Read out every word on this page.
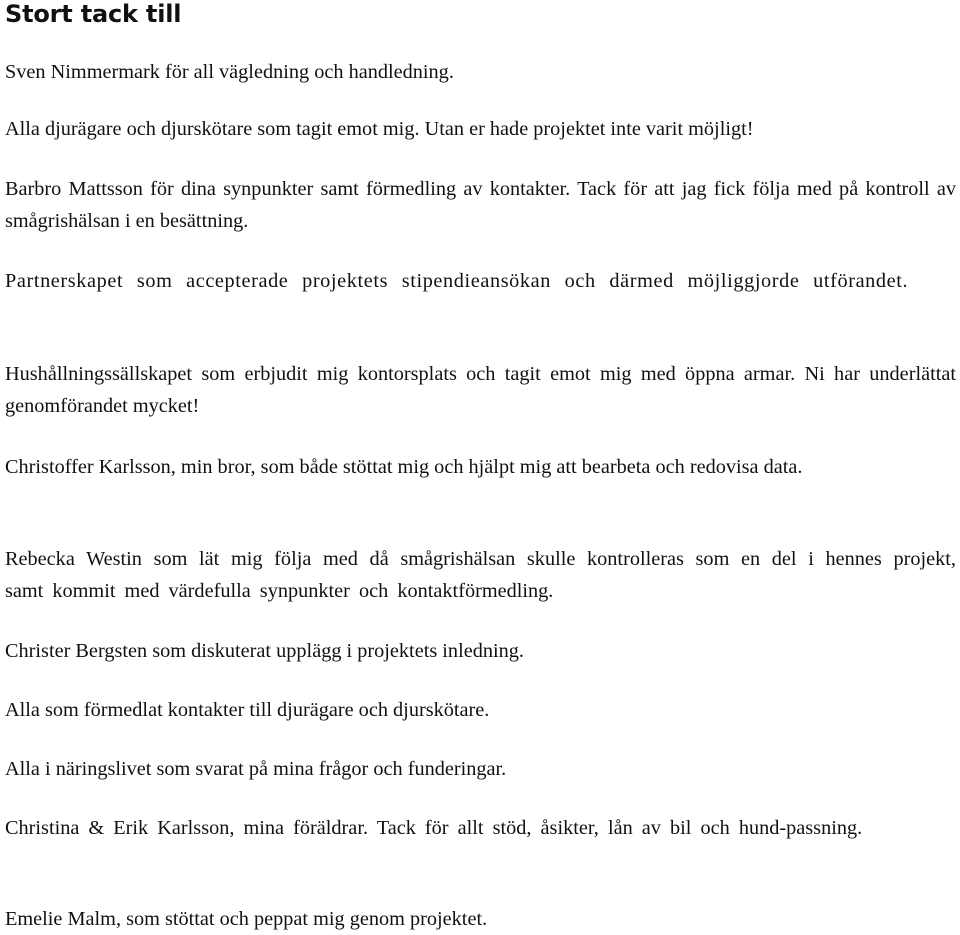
Stort tack till

Sven Nimmermark för all vägledning och handledning.

Alla djurägare och djurskötare som tagit emot mig. Utan er hade projektet inte varit möjligt!

Barbro Mattsson för dina synpunkter samt förmedling av kontakter. Tack för att jag fick följa med på kontroll av smågrishälsan i en besättning.

Partnerskapet som accepterade projektets stipendieansökan och därmed möjliggjorde utförandet.

Hushållningssällskapet som erbjudit mig kontorsplats och tagit emot mig med öppna armar. Ni har underlättat genomförandet mycket!

Christoffer Karlsson, min bror, som både stöttat mig och hjälpt mig att bearbeta och redovisa data.

Rebecka Westin som lät mig följa med då smågrishälsan skulle kontrolleras som en del i hennes projekt, samt kommit med värdefulla synpunkter och kontaktförmedling.

Christer Bergsten som diskuterat upplägg i projektets inledning.

Alla som förmedlat kontakter till djurägare och djurskötare.

Alla i näringslivet som svarat på mina frågor och funderingar.

Christina & Erik Karlsson, mina föräldrar. Tack för allt stöd, åsikter, lån av bil och hund-passning.

Emelie Malm, som stöttat och peppat mig genom projektet.
